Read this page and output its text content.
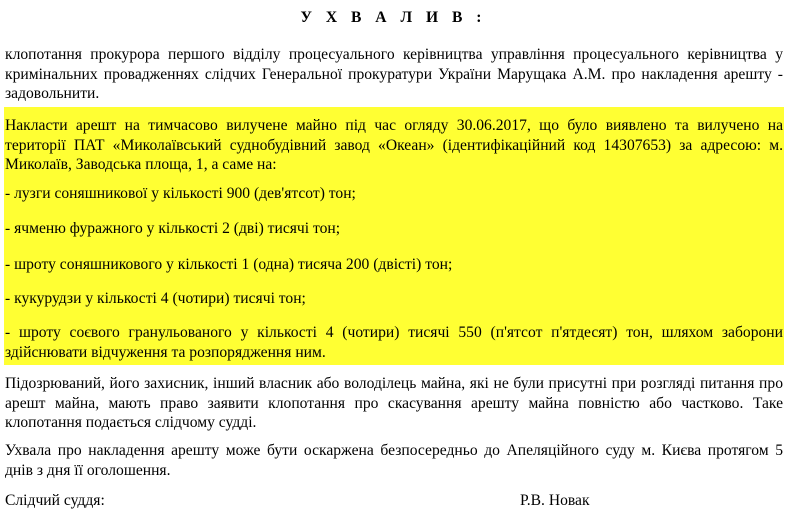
У Х В А Л И В :
клопотання прокурора першого відділу процесуального керівництва управління процесуального керівництва у
кримінальних провадженнях слідчих Генеральної прокуратури України Марущака А.М. про накладення арешту -
задовольнити.
Накласти арешт на тимчасово вилучене майно під час огляду 30.06.2017, що було виявлено та вилучено на
території ПАТ «Миколаївський суднобудівний завод «Океан» (ідентифікаційний код 14307653) за адресою: м.
Миколаїв, Заводська площа, 1, а саме на:
- лузги соняшникової у кількості 900 (дев'ятсот) тон;
- ячменю фуражного у кількості 2 (дві) тисячі тон;
- шроту соняшникового у кількості 1 (одна) тисяча 200 (двісті) тон;
- кукурудзи у кількості 4 (чотири) тисячі тон;
- шроту соєвого гранульованого у кількості 4 (чотири) тисячі 550 (п'ятсот п'ятдесят) тон, шляхом заборони
здійснювати відчуження та розпорядження ним.
Підозрюваний, його захисник, інший власник або володілець майна, які не були присутні при розгляді питання про
арешт майна, мають право заявити клопотання про скасування арешту майна повністю або частково. Таке
клопотання подається слідчому судді.
Ухвала про накладення арешту може бути оскаржена безпосередньо до Апеляційного суду м. Києва протягом 5
днів з дня її оголошення.
Слідчий суддя:	Р.В. Новак
